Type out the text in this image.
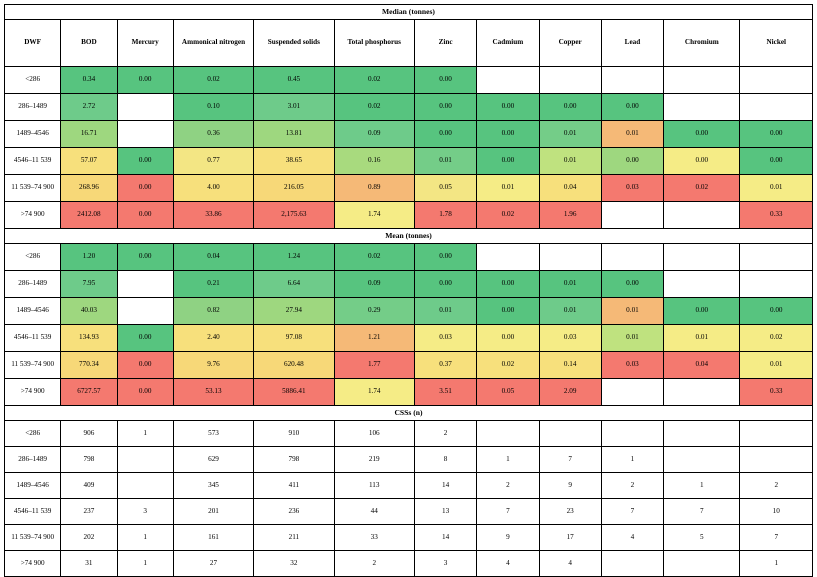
Median (tonnes)											
DWF	BOD	Mercury	Ammonical nitrogen	Suspended solids	Total phosphorus	Zinc	Cadmium	Copper	Lead	Chromium	Nickel
<286	0.34	0.00	0.02	0.45	0.02	0.00					
286–1489	2.72		0.10	3.01	0.02	0.00	0.00	0.00	0.00		
1489–4546	16.71		0.36	13.81	0.09	0.00	0.00	0.01	0.01	0.00	0.00
4546–11 539	57.07	0.00	0.77	38.65	0.16	0.01	0.00	0.01	0.00	0.00	0.00
11 539–74 900	268.96	0.00	4.00	216.05	0.89	0.05	0.01	0.04	0.03	0.02	0.01
>74 900	2412.08	0.00	33.86	2,175.63	1.74	1.78	0.02	1.96			0.33
Mean (tonnes)											
<286	1.20	0.00	0.04	1.24	0.02	0.00					
286–1489	7.95		0.21	6.64	0.09	0.00	0.00	0.01	0.00		
1489–4546	40.03		0.82	27.94	0.29	0.01	0.00	0.01	0.01	0.00	0.00
4546–11 539	134.93	0.00	2.40	97.08	1.21	0.03	0.00	0.03	0.01	0.01	0.02
11 539–74 900	770.34	0.00	9.76	620.48	1.77	0.37	0.02	0.14	0.03	0.04	0.01
>74 900	6727.57	0.00	53.13	5886.41	1.74	3.51	0.05	2.09			0.33
CSSs (n)											
<286	906	1	573	910	106	2					
286–1489	798		629	798	219	8	1	7	1		
1489–4546	409		345	411	113	14	2	9	2	1	2
4546–11 539	237	3	201	236	44	13	7	23	7	7	10
11 539–74 900	202	1	161	211	33	14	9	17	4	5	7
>74 900	31	1	27	32	2	3	4	4			1
